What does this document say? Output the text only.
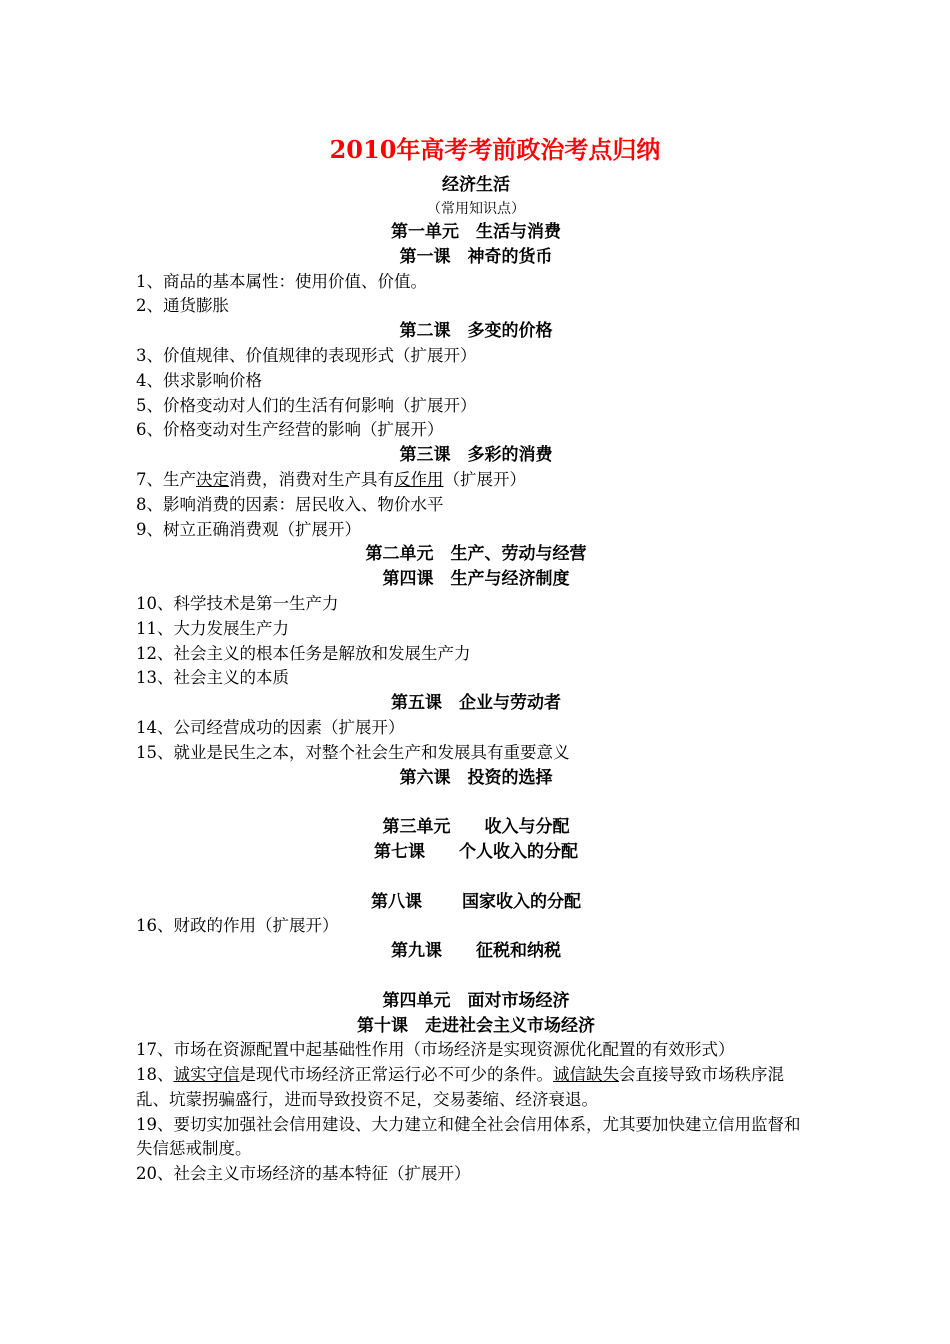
2010年高考考前政治考点归纳
经济生活
（常用知识点）
第一单元　生活与消费
第一课　神奇的货币
1、商品的基本属性：使用价值、价值。
2、通货膨胀
第二课　多变的价格
3、价值规律、价值规律的表现形式（扩展开）
4、供求影响价格
5、价格变动对人们的生活有何影响（扩展开）
6、价格变动对生产经营的影响（扩展开）
第三课　多彩的消费
7、生产决定消费，消费对生产具有反作用（扩展开）
8、影响消费的因素：居民收入、物价水平
9、树立正确消费观（扩展开）
第二单元　生产、劳动与经营
第四课　生产与经济制度
10、科学技术是第一生产力
11、大力发展生产力
12、社会主义的根本任务是解放和发展生产力
13、社会主义的本质
第五课　企业与劳动者
14、公司经营成功的因素（扩展开）
15、就业是民生之本，对整个社会生产和发展具有重要意义
第六课　投资的选择
第三单元　　收入与分配
第七课　　个人收入的分配
第八课　　 国家收入的分配
16、财政的作用（扩展开）
第九课　　征税和纳税
第四单元　面对市场经济
第十课　走进社会主义市场经济
17、市场在资源配置中起基础性作用（市场经济是实现资源优化配置的有效形式）
18、诚实守信是现代市场经济正常运行必不可少的条件。诚信缺失会直接导致市场秩序混乱、坑蒙拐骗盛行，进而导致投资不足，交易萎缩、经济衰退。
19、要切实加强社会信用建设、大力建立和健全社会信用体系，尤其要加快建立信用监督和失信惩戒制度。
20、社会主义市场经济的基本特征（扩展开）
